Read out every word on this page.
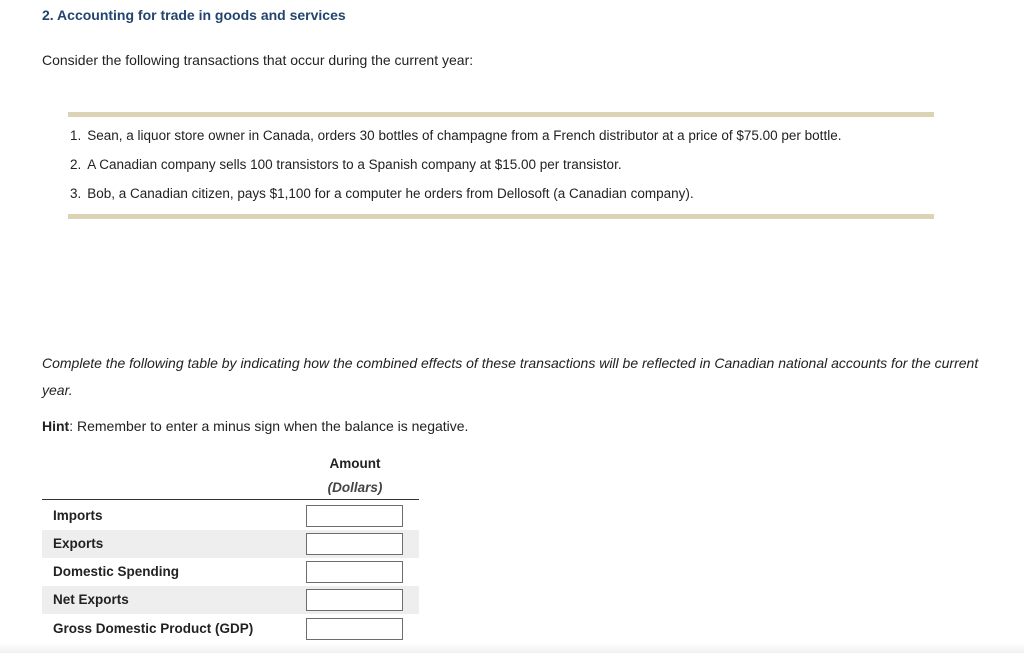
2. Accounting for trade in goods and services
Consider the following transactions that occur during the current year:
1. Sean, a liquor store owner in Canada, orders 30 bottles of champagne from a French distributor at a price of $75.00 per bottle.
2. A Canadian company sells 100 transistors to a Spanish company at $15.00 per transistor.
3. Bob, a Canadian citizen, pays $1,100 for a computer he orders from Dellosoft (a Canadian company).
Complete the following table by indicating how the combined effects of these transactions will be reflected in Canadian national accounts for the current year.
Hint: Remember to enter a minus sign when the balance is negative.
Amount
(Dollars)
Imports
Exports
Domestic Spending
Net Exports
Gross Domestic Product (GDP)
